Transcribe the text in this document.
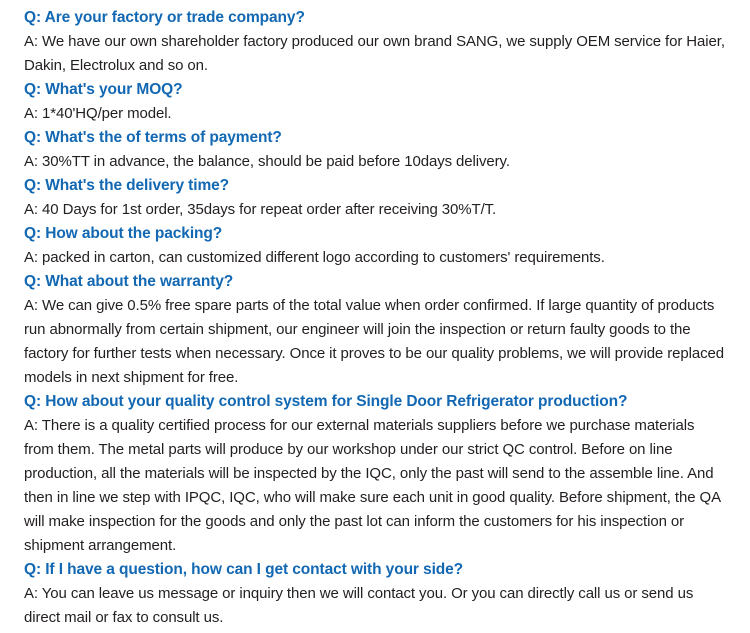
Q: Are your factory or trade company?

A: We have our own shareholder factory produced our own brand SANG, we supply OEM service for Haier, Dakin, Electrolux and so on.

Q: What's your MOQ?

A: 1*40'HQ/per model.

Q: What's the of terms of payment?

A: 30%TT in advance, the balance, should be paid before 10days delivery.

Q: What's the delivery time?

A: 40 Days for 1st order, 35days for repeat order after receiving 30%T/T.

Q: How about the packing?

A: packed in carton, can customized different logo according to customers' requirements.

Q: What about the warranty?

A: We can give 0.5% free spare parts of the total value when order confirmed. If large quantity of products run abnormally from certain shipment, our engineer will join the inspection or return faulty goods to the factory for further tests when necessary. Once it proves to be our quality problems, we will provide replaced models in next shipment for free.

Q: How about your quality control system for Single Door Refrigerator production?

A: There is a quality certified process for our external materials suppliers before we purchase materials from them. The metal parts will produce by our workshop under our strict QC control. Before on line production, all the materials will be inspected by the IQC, only the past will send to the assemble line. And then in line we step with IPQC, IQC, who will make sure each unit in good quality. Before shipment, the QA will make inspection for the goods and only the past lot can inform the customers for his inspection or shipment arrangement.

Q: If I have a question, how can I get contact with your side?

A: You can leave us message or inquiry then we will contact you. Or you can directly call us or send us direct mail or fax to consult us.
